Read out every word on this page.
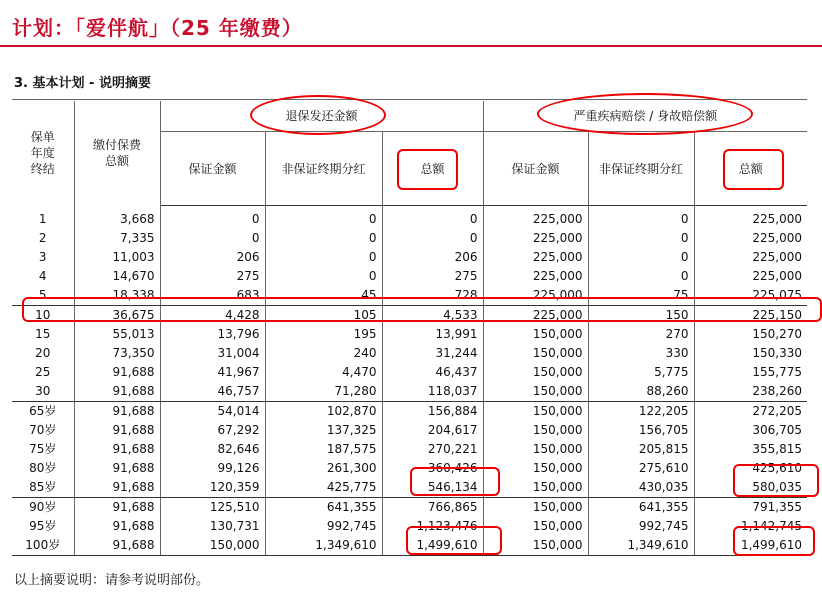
计划：「爱伴航」（25 年缴费）
3. 基本计划 - 说明摘要
保单
年度
终结	缴付保费
总额	退保发还金额			严重疾病赔偿 / 身故赔偿额		
		保证金额	非保证终期分红	总额	保证金额	非保证终期分红	总额
1	3,668	0	0	0	225,000	0	225,000
2	7,335	0	0	0	225,000	0	225,000
3	11,003	206	0	206	225,000	0	225,000
4	14,670	275	0	275	225,000	0	225,000
5	18,338	683	45	728	225,000	75	225,075
10	36,675	4,428	105	4,533	225,000	150	225,150
15	55,013	13,796	195	13,991	150,000	270	150,270
20	73,350	31,004	240	31,244	150,000	330	150,330
25	91,688	41,967	4,470	46,437	150,000	5,775	155,775
30	91,688	46,757	71,280	118,037	150,000	88,260	238,260
65岁	91,688	54,014	102,870	156,884	150,000	122,205	272,205
70岁	91,688	67,292	137,325	204,617	150,000	156,705	306,705
75岁	91,688	82,646	187,575	270,221	150,000	205,815	355,815
80岁	91,688	99,126	261,300	360,426	150,000	275,610	425,610
85岁	91,688	120,359	425,775	546,134	150,000	430,035	580,035
90岁	91,688	125,510	641,355	766,865	150,000	641,355	791,355
95岁	91,688	130,731	992,745	1,123,476	150,000	992,745	1,142,745
100岁	91,688	150,000	1,349,610	1,499,610	150,000	1,349,610	1,499,610
以上摘要说明：请参考说明部份。
